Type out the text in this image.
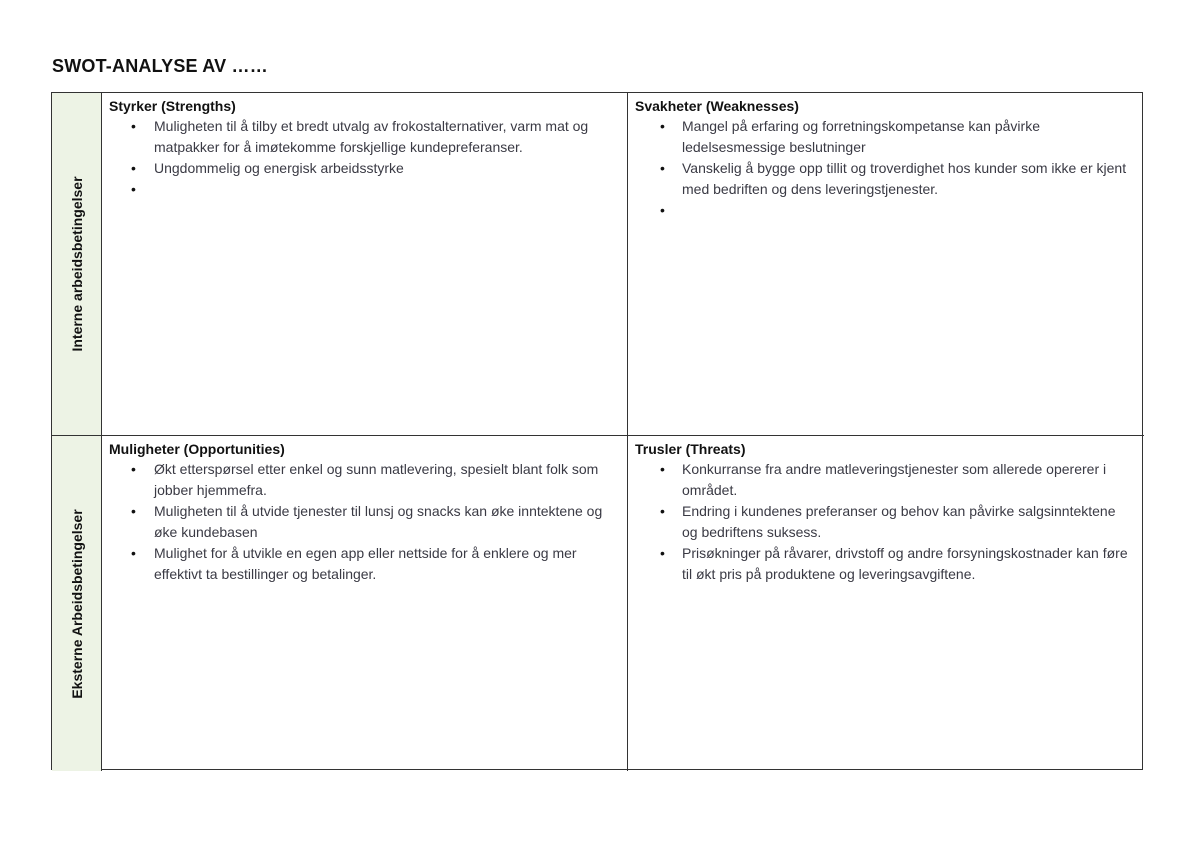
SWOT-ANALYSE AV ……
Interne arbeidsbetingelser
Styrker (Strengths)
• Muligheten til å tilby et bredt utvalg av frokostalternativer, varm mat og matpakker for å imøtekomme forskjellige kundepreferanser.
• Ungdommelig og energisk arbeidsstyrke
•

Svakheter (Weaknesses)
• Mangel på erfaring og forretningskompetanse kan påvirke ledelsesmessige beslutninger
• Vanskelig å bygge opp tillit og troverdighet hos kunder som ikke er kjent med bedriften og dens leveringstjenester.
•

Eksterne Arbeidsbetingelser
Muligheter (Opportunities)
• Økt etterspørsel etter enkel og sunn matlevering, spesielt blant folk som jobber hjemmefra.
• Muligheten til å utvide tjenester til lunsj og snacks kan øke inntektene og øke kundebasen
• Mulighet for å utvikle en egen app eller nettside for å enklere og mer effektivt ta bestillinger og betalinger.
Trusler (Threats)
• Konkurranse fra andre matleveringstjenester som allerede opererer i området.
• Endring i kundenes preferanser og behov kan påvirke salgsinntektene og bedriftens suksess.
• Prisøkninger på råvarer, drivstoff og andre forsyningskostnader kan føre til økt pris på produktene og leveringsavgiftene.
